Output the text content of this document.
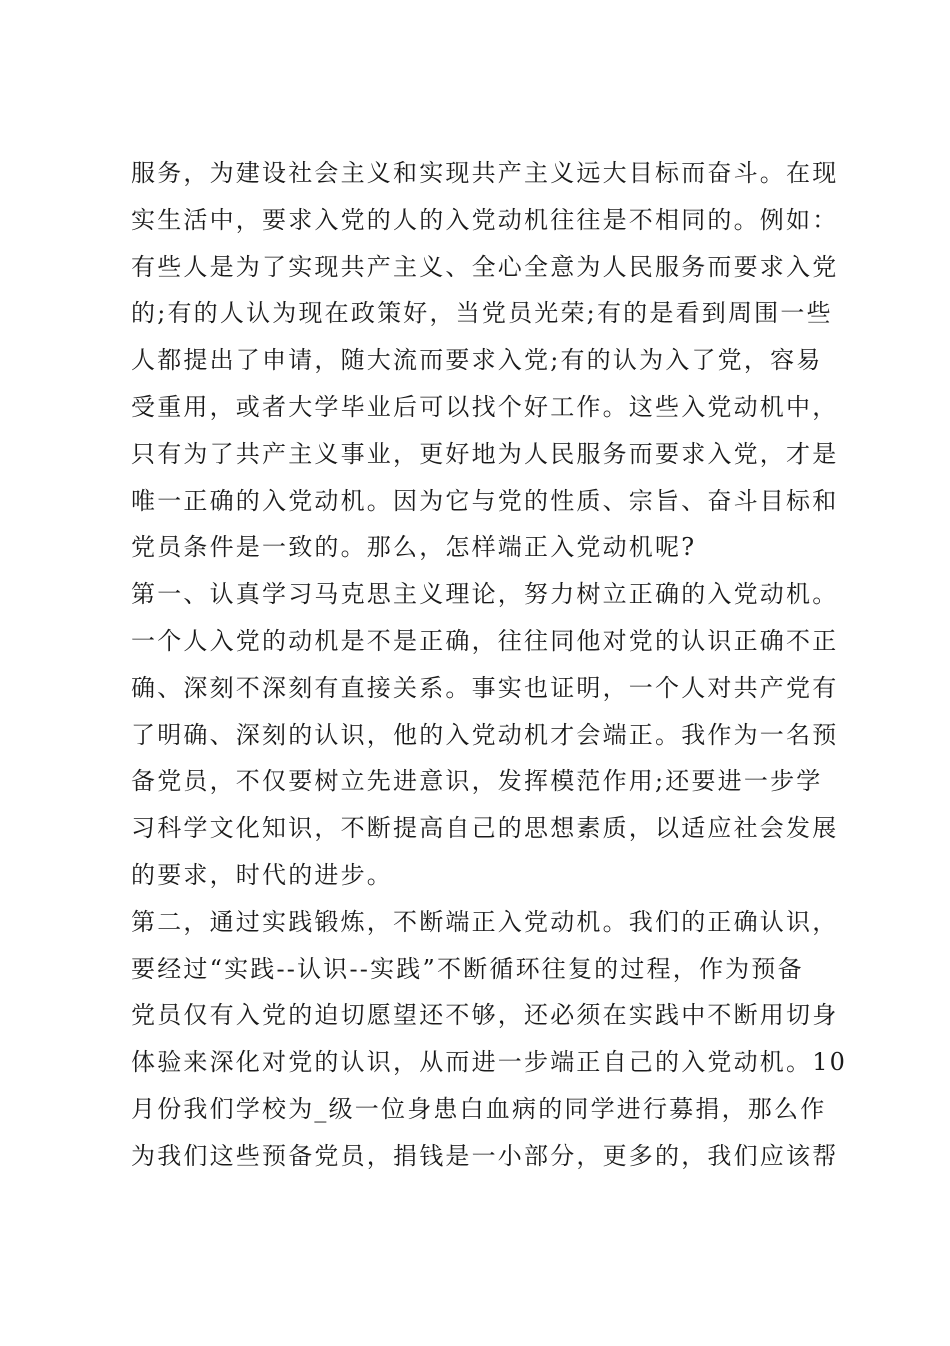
服务，为建设社会主义和实现共产主义远大目标而奋斗。在现
实生活中，要求入党的人的入党动机往往是不相同的。例如：
有些人是为了实现共产主义、全心全意为人民服务而要求入党
的;有的人认为现在政策好，当党员光荣;有的是看到周围一些
人都提出了申请，随大流而要求入党;有的认为入了党，容易
受重用，或者大学毕业后可以找个好工作。这些入党动机中，
只有为了共产主义事业，更好地为人民服务而要求入党，才是
唯一正确的入党动机。因为它与党的性质、宗旨、奋斗目标和
党员条件是一致的。那么，怎样端正入党动机呢?
第一、认真学习马克思主义理论，努力树立正确的入党动机。
一个人入党的动机是不是正确，往往同他对党的认识正确不正
确、深刻不深刻有直接关系。事实也证明，一个人对共产党有
了明确、深刻的认识，他的入党动机才会端正。我作为一名预
备党员，不仅要树立先进意识，发挥模范作用;还要进一步学
习科学文化知识，不断提高自己的思想素质，以适应社会发展
的要求，时代的进步。
第二，通过实践锻炼，不断端正入党动机。我们的正确认识，
要经过“实践--认识--实践”不断循环往复的过程，作为预备
党员仅有入党的迫切愿望还不够，还必须在实践中不断用切身
体验来深化对党的认识，从而进一步端正自己的入党动机。10
月份我们学校为_级一位身患白血病的同学进行募捐，那么作
为我们这些预备党员，捐钱是一小部分，更多的，我们应该帮
